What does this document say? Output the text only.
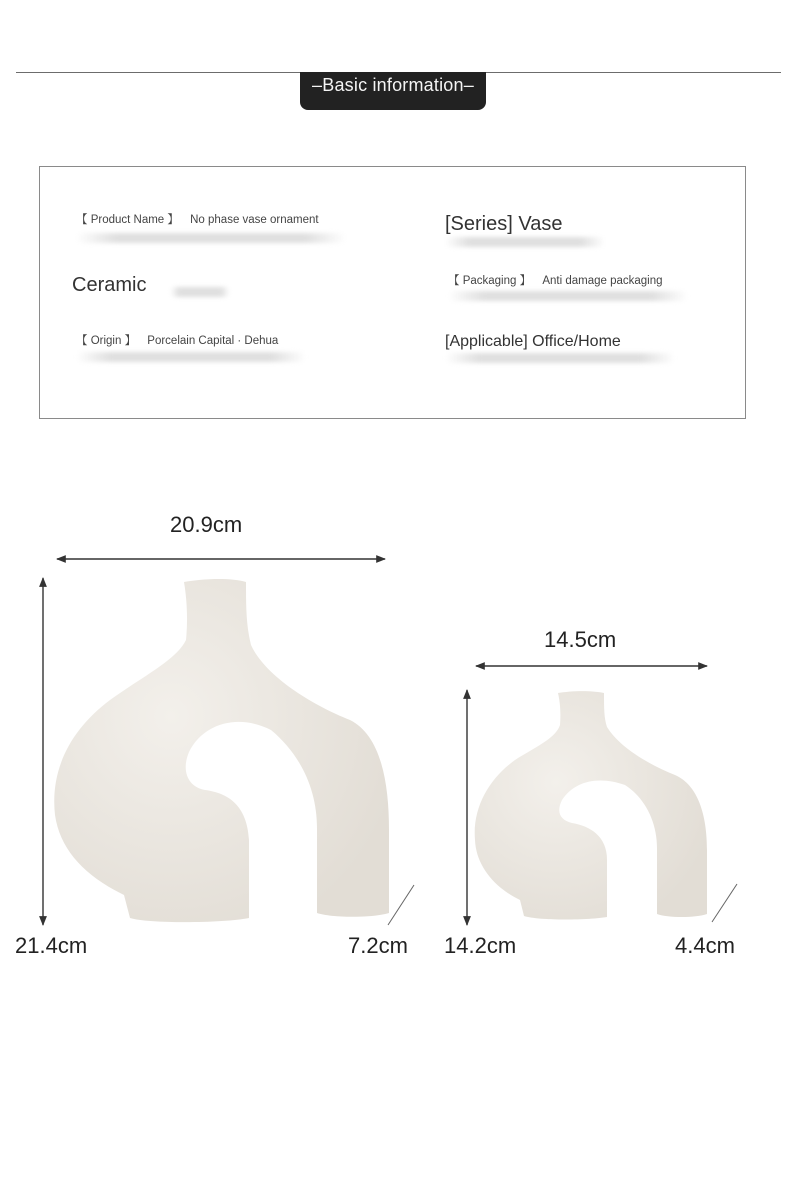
–Basic information–
【 Product Name 】 No phase vase ornament	[Series] Vase
Ceramic	【 Packaging 】 Anti damage packaging
【 Origin 】 Porcelain Capital · Dehua	[Applicable] Office/Home
20.9cm
21.4cm	7.2cm
14.5cm
14.2cm	4.4cm
